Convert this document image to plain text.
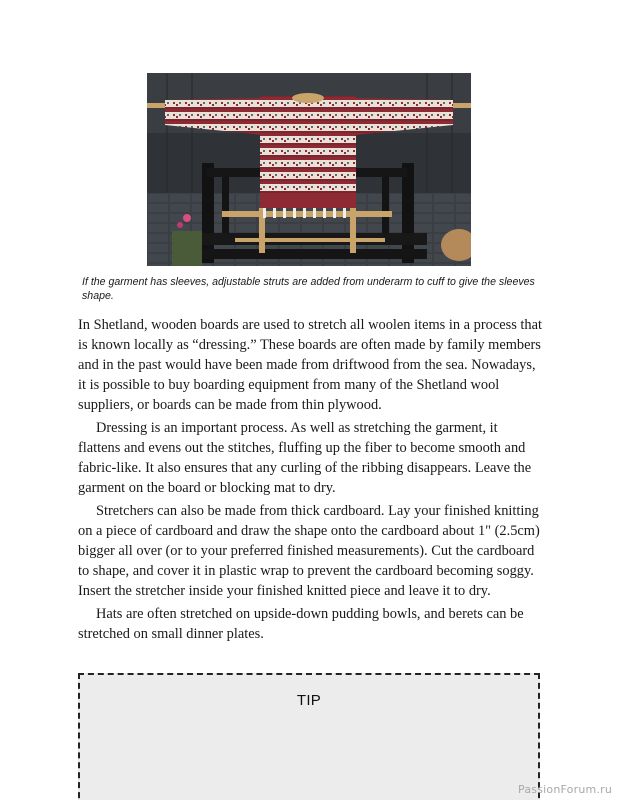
If the garment has sleeves, adjustable struts are added from underarm to cuff to give the sleeves shape.

In Shetland, wooden boards are used to stretch all woolen items in a process that is known locally as “dressing.” These boards are often made by family members and in the past would have been made from driftwood from the sea. Nowadays, it is possible to buy boarding equipment from many of the Shetland wool suppliers, or boards can be made from thin plywood.

Dressing is an important process. As well as stretching the garment, it flattens and evens out the stitches, fluffing up the fiber to become smooth and fabric-like. It also ensures that any curling of the ribbing disappears. Leave the garment on the board or blocking mat to dry.

Stretchers can also be made from thick cardboard. Lay your finished knitting on a piece of cardboard and draw the shape onto the cardboard about 1" (2.5cm) bigger all over (or to your preferred finished measurements). Cut the cardboard to shape, and cover it in plastic wrap to prevent the cardboard becoming soggy. Insert the stretcher inside your finished knitted piece and leave it to dry.

Hats are often stretched on upside-down pudding bowls, and berets can be stretched on small dinner plates.

TIP
PassionForum.ru
